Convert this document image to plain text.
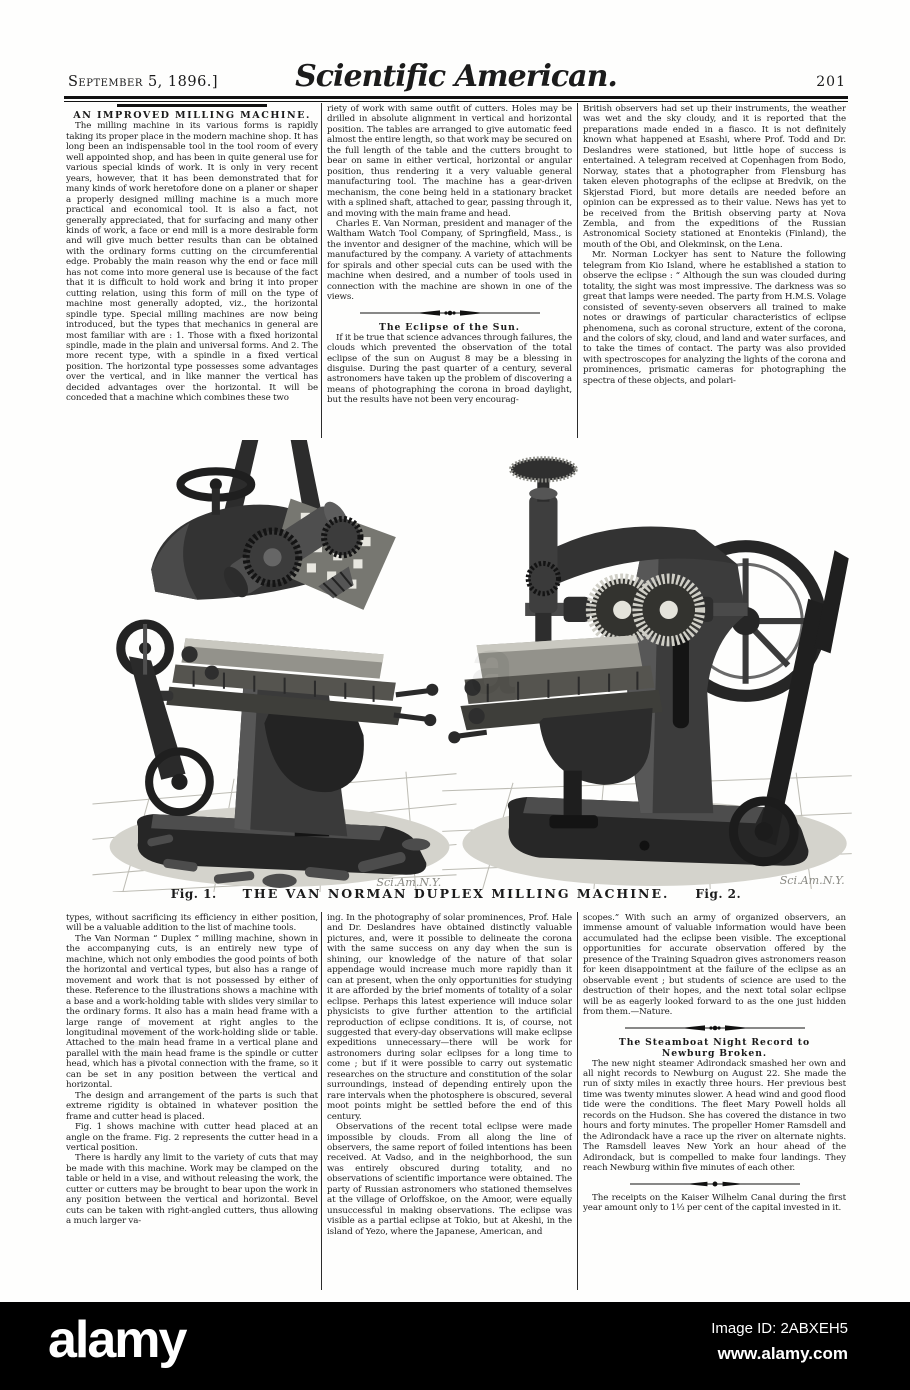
September 5, 1896.]	Scientific American.	201

AN IMPROVED MILLING MACHINE.

The milling machine in its various forms is rapidly taking its proper place in the modern machine shop. It has long been an indispensable tool in the tool room of every well appointed shop, and has been in quite general use for various special kinds of work. It is only in very recent years, however, that it has been demonstrated that for many kinds of work heretofore done on a planer or shaper a properly designed milling machine is a much more practical and economical tool. It is also a fact, not generally appreciated, that for surfacing and many other kinds of work, a face or end mill is a more desirable form and will give much better results than can be obtained with the ordinary forms cutting on the circumferential edge. Probably the main reason why the end or face mill has not come into more general use is because of the fact that it is difficult to hold work and bring it into proper cutting relation, using this form of mill on the type of machine most generally adopted, viz., the horizontal spindle type. Special milling machines are now being introduced, but the types that mechanics in general are most familiar with are : 1. Those with a fixed horizontal spindle, made in the plain and universal forms. And 2. The more recent type, with a spindle in a fixed vertical position. The horizontal type possesses some advantages over the vertical, and in like manner the vertical has decided advantages over the horizontal. It will be conceded that a machine which combines these two

riety of work with same outfit of cutters. Holes may be drilled in absolute alignment in vertical and horizontal position. The tables are arranged to give automatic feed almost the entire length, so that work may be secured on the full length of the table and the cutters brought to bear on same in either vertical, horizontal or angular position, thus rendering it a very valuable general manufacturing tool. The machine has a gear-driven mechanism, the cone being held in a stationary bracket with a splined shaft, attached to gear, passing through it, and moving with the main frame and head.

Charles E. Van Norman, president and manager of the Waltham Watch Tool Company, of Springfield, Mass., is the inventor and designer of the machine, which will be manufactured by the company. A variety of attachments for spirals and other special cuts can be used with the machine when desired, and a number of tools used in connection with the machine are shown in one of the views.

The Eclipse of the Sun.

If it be true that science advances through failures, the clouds which prevented the observation of the total eclipse of the sun on August 8 may be a blessing in disguise. During the past quarter of a century, several astronomers have taken up the problem of discovering a means of photographing the corona in broad daylight, but the results have not been very encourag-

British observers had set up their instruments, the weather was wet and the sky cloudy, and it is reported that the preparations made ended in a fiasco. It is not definitely known what happened at Esashi, where Prof. Todd and Dr. Deslandres were stationed, but little hope of success is entertained. A telegram received at Copenhagen from Bodo, Norway, states that a photographer from Flensburg has taken eleven photographs of the eclipse at Bredvik, on the Skjerstad Fiord, but more details are needed before an opinion can be expressed as to their value. News has yet to be received from the British observing party at Nova Zembla, and from the expeditions of the Russian Astronomical Society stationed at Enontekis (Finland), the mouth of the Obi, and Olekminsk, on the Lena.

Mr. Norman Lockyer has sent to Nature the following telegram from Kio Island, where he established a station to observe the eclipse : “ Although the sun was clouded during totality, the sight was most impressive. The darkness was so great that lamps were needed. The party from H.M.S. Volage consisted of seventy-seven observers all trained to make notes or drawings of particular characteristics of eclipse phenomena, such as coronal structure, extent of the corona, and the colors of sky, cloud, and land and water surfaces, and to take the times of contact. The party was also provided with spectroscopes for analyzing the lights of the corona and prominences, prismatic cameras for photographing the spectra of these objects, and polari-

Sci.Am.N.Y.	Sci.Am.N.Y.
Fig. 1. THE VAN NORMAN DUPLEX MILLING MACHINE. Fig. 2.

types, without sacrificing its efficiency in either position, will be a valuable addition to the list of machine tools.

The Van Norman “ Duplex ” milling machine, shown in the accompanying cuts, is an entirely new type of machine, which not only embodies the good points of both the horizontal and vertical types, but also has a range of movement and work that is not possessed by either of these. Reference to the illustrations shows a machine with a base and a work-holding table with slides very similar to the ordinary forms. It also has a main head frame with a large range of movement at right angles to the longitudinal movement of the work-holding slide or table. Attached to the main head frame in a vertical plane and parallel with the main head frame is the spindle or cutter head, which has a pivotal connection with the frame, so it can be set in any position between the vertical and horizontal.

The design and arrangement of the parts is such that extreme rigidity is obtained in whatever position the frame and cutter head is placed.

Fig. 1 shows machine with cutter head placed at an angle on the frame. Fig. 2 represents the cutter head in a vertical position.

There is hardly any limit to the variety of cuts that may be made with this machine. Work may be clamped on the table or held in a vise, and without releasing the work, the cutter or cutters may be brought to bear upon the work in any position between the vertical and horizontal. Bevel cuts can be taken with right-angled cutters, thus allowing a much larger va-

ing. In the photography of solar prominences, Prof. Hale and Dr. Deslandres have obtained distinctly valuable pictures, and, were it possible to delineate the corona with the same success on any day when the sun is shining, our knowledge of the nature of that solar appendage would increase much more rapidly than it can at present, when the only opportunities for studying it are afforded by the brief moments of totality of a solar eclipse. Perhaps this latest experience will induce solar physicists to give further attention to the artificial reproduction of eclipse conditions. It is, of course, not suggested that every-day observations will make eclipse expeditions unnecessary—there will be work for astronomers during solar eclipses for a long time to come ; but if it were possible to carry out systematic researches on the structure and constitution of the solar surroundings, instead of depending entirely upon the rare intervals when the photosphere is obscured, several moot points might be settled before the end of this century.

Observations of the recent total eclipse were made impossible by clouds. From all along the line of observers, the same report of foiled intentions has been received. At Vadso, and in the neighborhood, the sun was entirely obscured during totality, and no observations of scientific importance were obtained. The party of Russian astronomers who stationed themselves at the village of Orloffskoe, on the Amoor, were equally unsuccessful in making observations. The eclipse was visible as a partial eclipse at Tokio, but at Akeshi, in the island of Yezo, where the Japanese, American, and

scopes.” With such an army of organized observers, an immense amount of valuable information would have been accumulated had the eclipse been visible. The exceptional opportunities for accurate observation offered by the presence of the Training Squadron gives astronomers reason for keen disappointment at the failure of the eclipse as an observable event ; but students of science are used to the destruction of their hopes, and the next total solar eclipse will be as eagerly looked forward to as the one just hidden from them.—Nature.

The Steamboat Night Record to Newburg Broken.

The new night steamer Adirondack smashed her own and all night records to Newburg on August 22. She made the run of sixty miles in exactly three hours. Her previous best time was twenty minutes slower. A head wind and good flood tide were the conditions. The fleet Mary Powell holds all records on the Hudson. She has covered the distance in two hours and forty minutes. The propeller Homer Ramsdell and the Adirondack have a race up the river on alternate nights. The Ramsdell leaves New York an hour ahead of the Adirondack, but is compelled to make four landings. They reach Newburg within five minutes of each other.

The receipts on the Kaiser Wilhelm Canal during the first year amount only to 1⅓ per cent of the capital invested in it.

alamy	Image ID: 2ABXEH5
www.alamy.com
